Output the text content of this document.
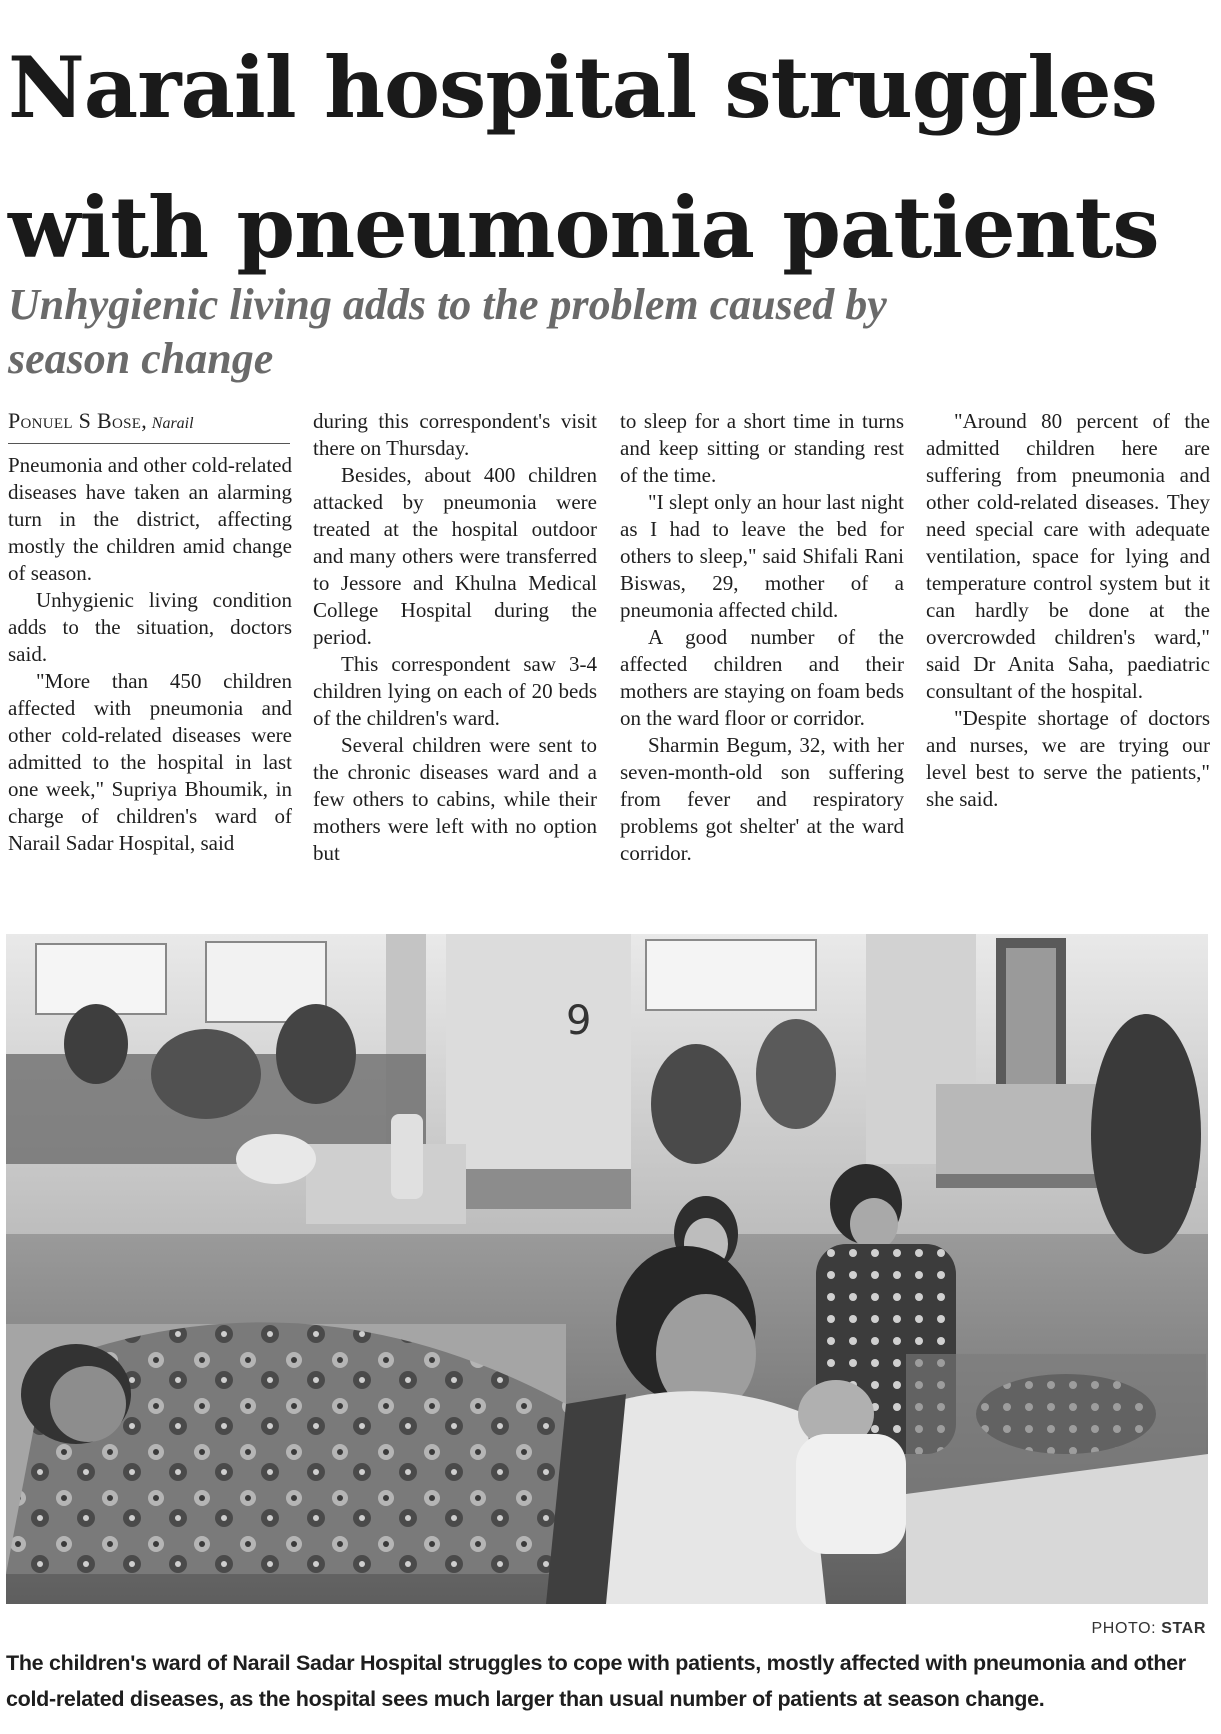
Narail hospital struggles with pneumonia patients
Unhygienic living adds to the problem caused by season change
Ponuel S Bose, Narail

Pneumonia and other cold-related diseases have taken an alarming turn in the district, affecting mostly the children amid change of season.

Unhygienic living condition adds to the situation, doctors said.

"More than 450 children affected with pneumonia and other cold-related diseases were admitted to the hospital in last one week," Supriya Bhoumik, in charge of children's ward of Narail Sadar Hospital, said

during this correspondent's visit there on Thursday.

Besides, about 400 children attacked by pneumonia were treated at the hospital outdoor and many others were transferred to Jessore and Khulna Medical College Hospital during the period.

This correspondent saw 3-4 children lying on each of 20 beds of the children's ward.

Several children were sent to the chronic diseases ward and a few others to cabins, while their mothers were left with no option but

to sleep for a short time in turns and keep sitting or standing rest of the time.

"I slept only an hour last night as I had to leave the bed for others to sleep," said Shifali Rani Biswas, 29, mother of a pneumonia affected child.

A good number of the affected children and their mothers are staying on foam beds on the ward floor or corridor.

Sharmin Begum, 32, with her seven-month-old son suffering from fever and respiratory problems got shelter' at the ward corridor.

"Around 80 percent of the admitted children here are suffering from pneumonia and other cold-related diseases. They need special care with adequate ventilation, space for lying and temperature control system but it can hardly be done at the overcrowded children's ward," said Dr Anita Saha, paediatric consultant of the hospital.

"Despite shortage of doctors and nurses, we are trying our level best to serve the patients," she said.

9
PHOTO: STAR

The children's ward of Narail Sadar Hospital struggles to cope with patients, mostly affected with pneumonia and other cold-related diseases, as the hospital sees much larger than usual number of patients at season change.
